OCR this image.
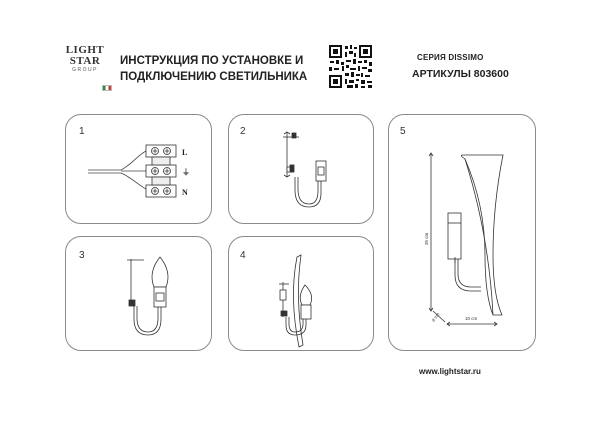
LIGHT
STAR
GROUP
ИНСТРУКЦИЯ ПО УСТАНОВКЕ И
ПОДКЛЮЧЕНИЮ СВЕТИЛЬНИКА
СЕРИЯ DISSIMO
АРТИКУЛЫ 803600
1
L
⏚
N
2
3	4
5
35 cm
10 cm
8 cm
www.lightstar.ru
